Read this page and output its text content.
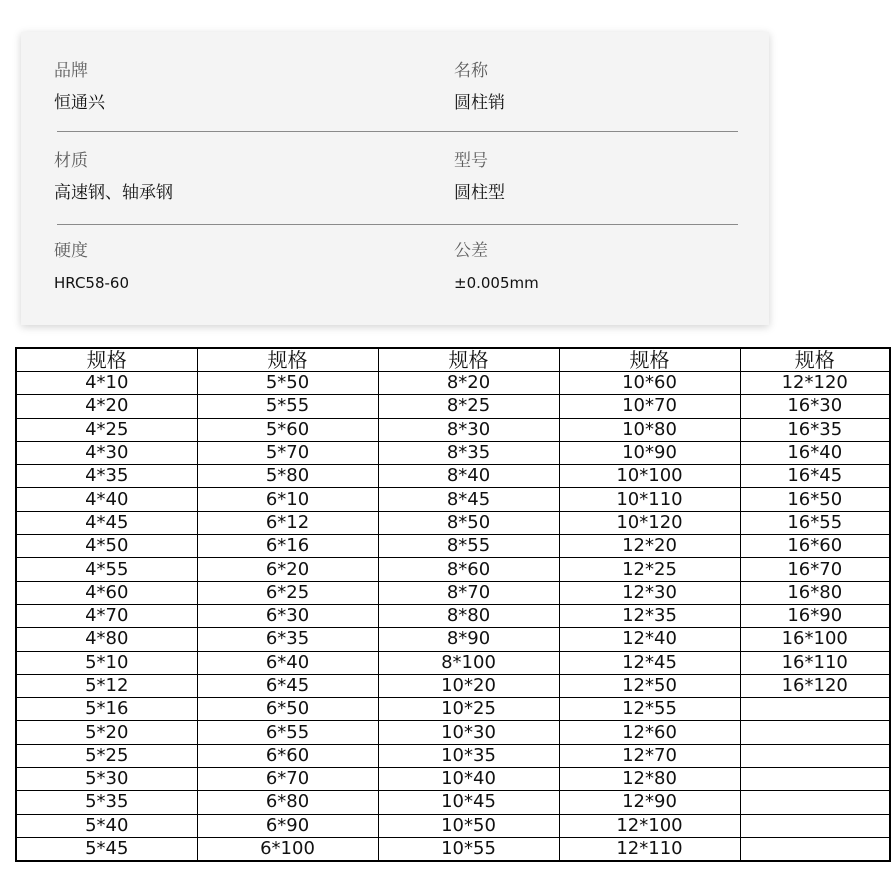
品牌
恒通兴
名称
圆柱销
材质
高速钢、轴承钢
型号
圆柱型
硬度
HRC58-60
公差
±0.005mm
规格	规格	规格	规格	规格
4*10	5*50	8*20	10*60	12*120
4*20	5*55	8*25	10*70	16*30
4*25	5*60	8*30	10*80	16*35
4*30	5*70	8*35	10*90	16*40
4*35	5*80	8*40	10*100	16*45
4*40	6*10	8*45	10*110	16*50
4*45	6*12	8*50	10*120	16*55
4*50	6*16	8*55	12*20	16*60
4*55	6*20	8*60	12*25	16*70
4*60	6*25	8*70	12*30	16*80
4*70	6*30	8*80	12*35	16*90
4*80	6*35	8*90	12*40	16*100
5*10	6*40	8*100	12*45	16*110
5*12	6*45	10*20	12*50	16*120
5*16	6*50	10*25	12*55	
5*20	6*55	10*30	12*60	
5*25	6*60	10*35	12*70	
5*30	6*70	10*40	12*80	
5*35	6*80	10*45	12*90	
5*40	6*90	10*50	12*100	
5*45	6*100	10*55	12*110	
